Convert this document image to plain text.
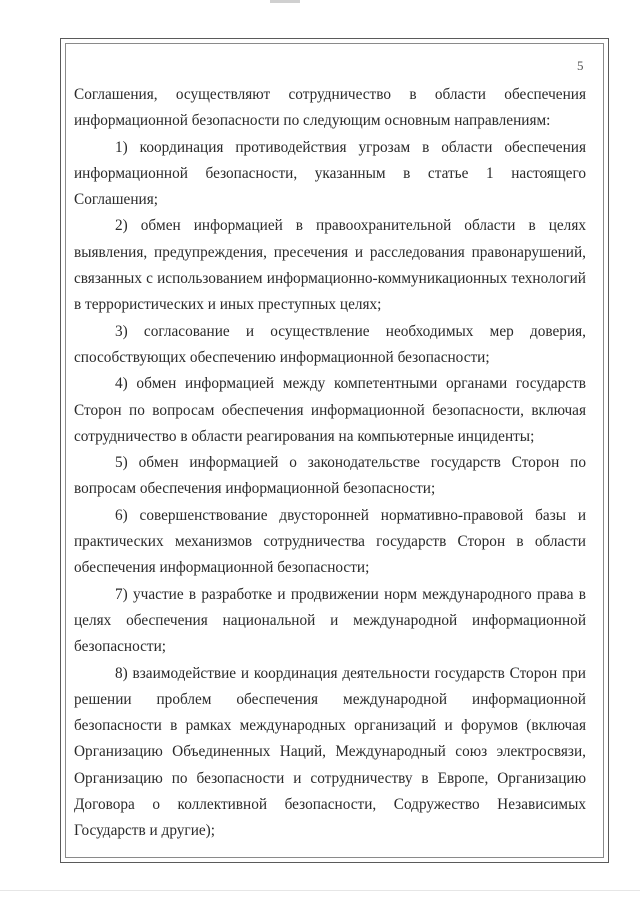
5

Соглашения, осуществляют сотрудничество в области обеспечения информационной безопасности по следующим основным направлениям:

1) координация противодействия угрозам в области обеспечения информационной безопасности, указанным в статье 1 настоящего Соглашения;

2) обмен информацией в правоохранительной области в целях выявления, предупреждения, пресечения и расследования правонарушений, связанных с использованием информационно-коммуникационных технологий в террористических и иных преступных целях;

3) согласование и осуществление необходимых мер доверия, способствующих обеспечению информационной безопасности;

4) обмен информацией между компетентными органами государств Сторон по вопросам обеспечения информационной безопасности, включая сотрудничество в области реагирования на компьютерные инциденты;

5) обмен информацией о законодательстве государств Сторон по вопросам обеспечения информационной безопасности;

6) совершенствование двусторонней нормативно-правовой базы и практических механизмов сотрудничества государств Сторон в области обеспечения информационной безопасности;

7) участие в разработке и продвижении норм международного права в целях обеспечения национальной и международной информационной безопасности;

8) взаимодействие и координация деятельности государств Сторон при решении проблем обеспечения международной информационной безопасности в рамках международных организаций и форумов (включая Организацию Объединенных Наций, Международный союз электросвязи, Организацию по безопасности и сотрудничеству в Европе, Организацию Договора о коллективной безопасности, Содружество Независимых Государств и другие);
